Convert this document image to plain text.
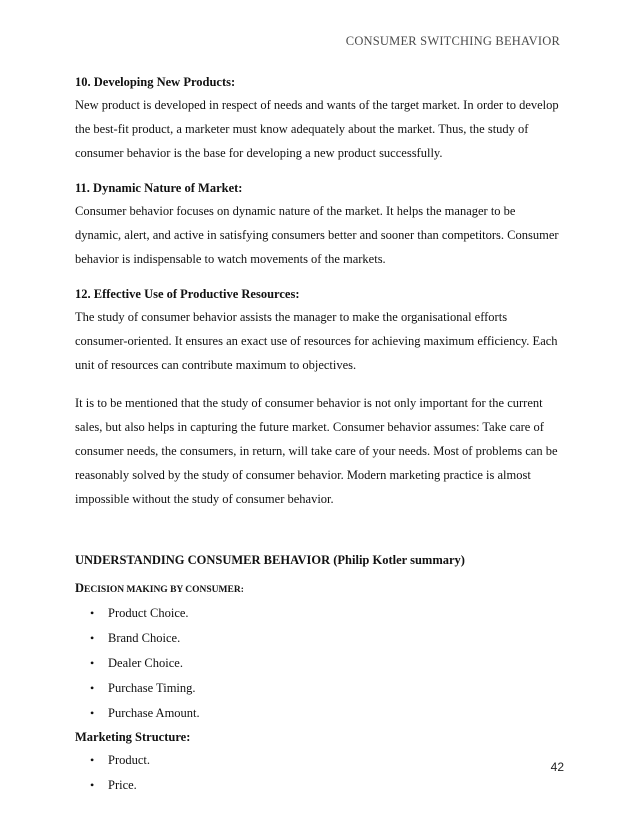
CONSUMER SWITCHING BEHAVIOR

10. Developing New Products:

New product is developed in respect of needs and wants of the target market. In order to develop

the best-fit product, a marketer must know adequately about the market. Thus, the study of

consumer behavior is the base for developing a new product successfully.

11. Dynamic Nature of Market:

Consumer behavior focuses on dynamic nature of the market. It helps the manager to be

dynamic, alert, and active in satisfying consumers better and sooner than competitors. Consumer

behavior is indispensable to watch movements of the markets.

12. Effective Use of Productive Resources:

The study of consumer behavior assists the manager to make the organisational efforts

consumer-oriented. It ensures an exact use of resources for achieving maximum efficiency. Each

unit of resources can contribute maximum to objectives.

It is to be mentioned that the study of consumer behavior is not only important for the current

sales, but also helps in capturing the future market. Consumer behavior assumes: Take care of

consumer needs, the consumers, in return, will take care of your needs. Most of problems can be

reasonably solved by the study of consumer behavior. Modern marketing practice is almost

impossible without the study of consumer behavior.

UNDERSTANDING CONSUMER BEHAVIOR (Philip Kotler summary)

DECISION MAKING BY CONSUMER:

• Product Choice.
• Brand Choice.
• Dealer Choice.
• Purchase Timing.
• Purchase Amount.

Marketing Structure:

• Product.
• Price.
42
